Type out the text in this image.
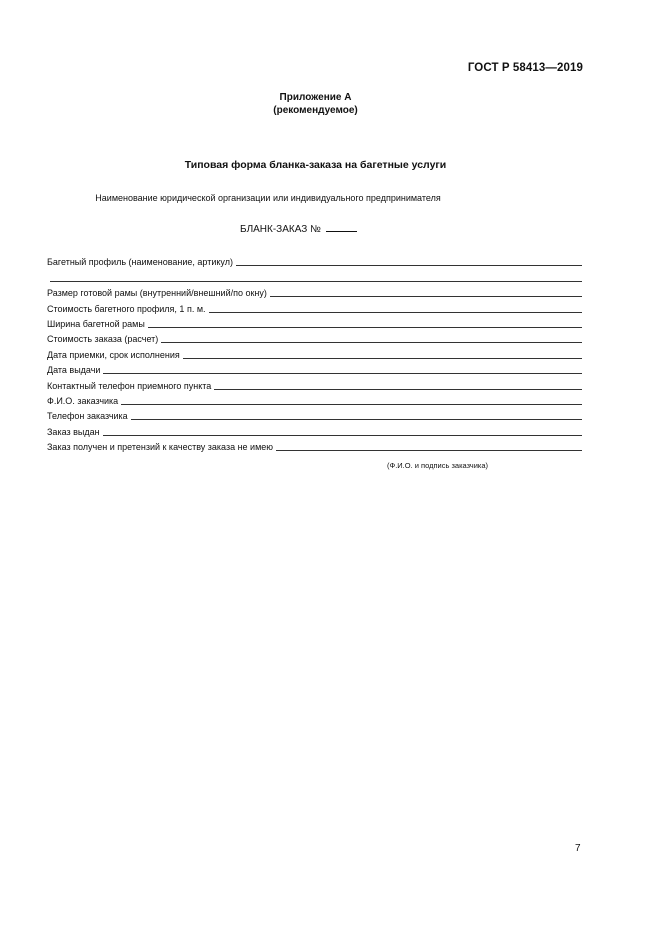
ГОСТ Р 58413—2019
Приложение А
(рекомендуемое)
Типовая форма бланка-заказа на багетные услуги
Наименование юридической организации или индивидуального предпринимателя
БЛАНК-ЗАКАЗ №
Багетный профиль (наименование, артикул)
Размер готовой рамы (внутренний/внешний/по окну)
Стоимость багетного профиля, 1 п. м.
Ширина багетной рамы
Стоимость заказа (расчет)
Дата приемки, срок исполнения
Дата выдачи
Контактный телефон приемного пункта
Ф.И.О. заказчика
Телефон заказчика
Заказ выдан
Заказ получен и претензий к качеству заказа не имею
(Ф.И.О. и подпись заказчика)
7
